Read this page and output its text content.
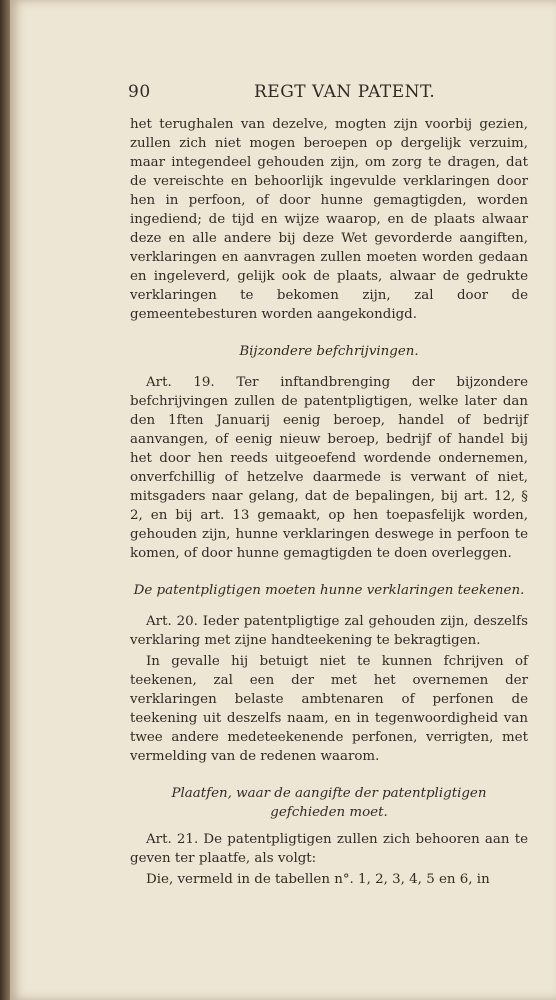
90	REGT VAN PATENT.

het terughalen van dezelve, mogten zijn voorbij gezien, zullen zich niet mogen beroepen op dergelijk verzuim, maar integendeel gehouden zijn, om zorg te dragen, dat de vereischte en behoorlijk ingevulde verklaringen door hen in perfoon, of door hunne gemagtigden, worden ingediend; de tijd en wijze waarop, en de plaats alwaar deze en alle andere bij deze Wet gevorderde aangiften, verklaringen en aanvragen zullen moeten worden gedaan en ingeleverd, gelijk ook de plaats, alwaar de gedrukte verklaringen te bekomen zijn, zal door de gemeentebesturen worden aangekondigd.

Bijzondere befchrijvingen.

Art. 19. Ter inftandbrenging der bijzondere befchrijvingen zullen de patentpligtigen, welke later dan den 1ften Januarij eenig beroep, handel of bedrijf aanvangen, of eenig nieuw beroep, bedrijf of handel bij het door hen reeds uitgeoefend wordende ondernemen, onverfchillig of hetzelve daarmede is verwant of niet, mitsgaders naar gelang, dat de bepalingen, bij art. 12, § 2, en bij art. 13 gemaakt, op hen toepasfelijk worden, gehouden zijn, hunne verklaringen deswege in perfoon te komen, of door hunne gemagtigden te doen overleggen.

De patentpligtigen moeten hunne verklaringen teekenen.

Art. 20. Ieder patentpligtige zal gehouden zijn, deszelfs verklaring met zijne handteekening te bekragtigen.

In gevalle hij betuigt niet te kunnen fchrijven of teekenen, zal een der met het overnemen der verklaringen belaste ambtenaren of perfonen de teekening uit deszelfs naam, en in tegenwoordigheid van twee andere medeteekenende perfonen, verrigten, met vermelding van de redenen waarom.

Plaatfen, waar de aangifte der patentpligtigen
gefchieden moet.

Art. 21. De patentpligtigen zullen zich behooren aan te geven ter plaatfe, als volgt:

Die, vermeld in de tabellen n°. 1, 2, 3, 4, 5 en 6, in
